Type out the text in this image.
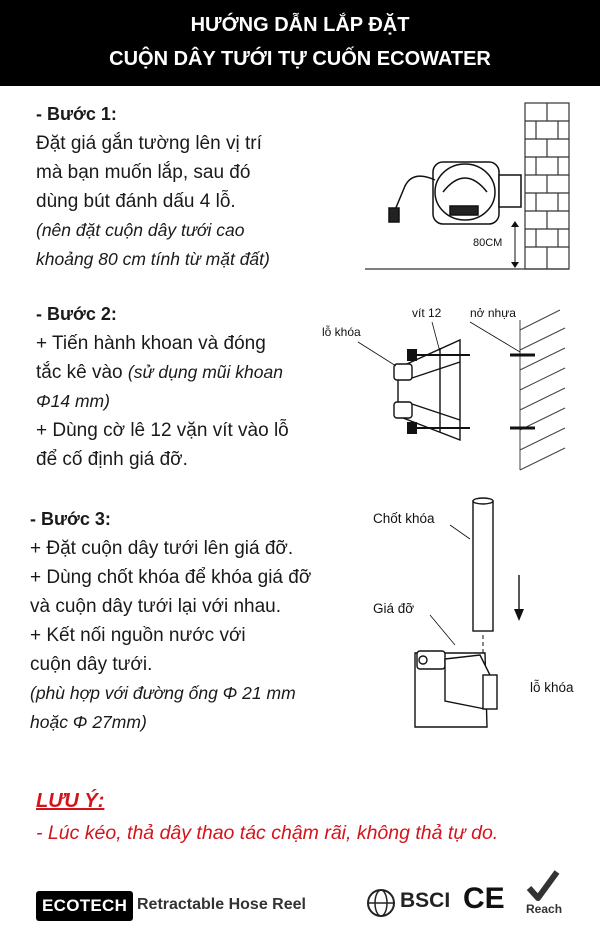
HƯỚNG DẪN LẮP ĐẶT
CUỘN DÂY TƯỚI TỰ CUỐN ECOWATER
- Bước 1:
Đặt giá gắn tường lên vị trí
mà bạn muốn lắp, sau đó
dùng bút đánh dấu 4 lỗ.
(nên đặt cuộn dây tưới cao
khoảng 80 cm tính từ mặt đất)
80CM
- Bước 2:
+ Tiến hành khoan và đóng
tắc kê vào (sử dụng mũi khoan
Φ14 mm)
+ Dùng cờ lê 12 vặn vít vào lỗ
để cố định giá đỡ.
lỗ khóa
vít 12 nở nhựa
- Bước 3:
+ Đặt cuộn dây tưới lên giá đỡ.
+ Dùng chốt khóa để khóa giá đỡ
và cuộn dây tưới lại với nhau.
+ Kết nối nguồn nước với
cuộn dây tưới.
(phù hợp với đường ống Φ 21 mm
hoặc Φ 27mm)
Chốt khóa
Giá đỡ
lỗ khóa
LƯU Ý:
- Lúc kéo, thả dây thao tác chậm rãi, không thả tự do.
ECOTECH Retractable Hose Reel	BSCI CE Reach
